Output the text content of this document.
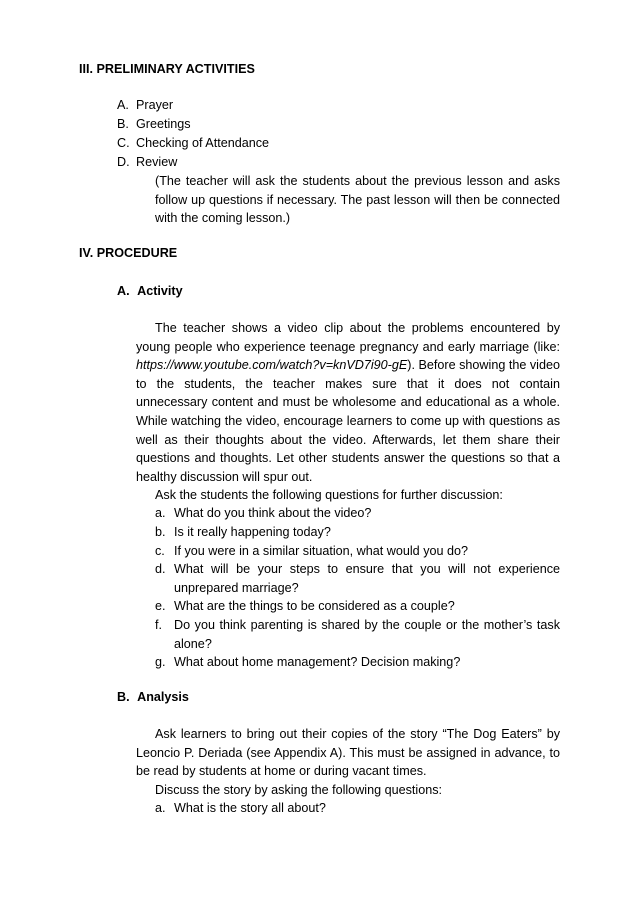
III. PRELIMINARY ACTIVITIES
A. Prayer
B. Greetings
C. Checking of Attendance
D. Review
(The teacher will ask the students about the previous lesson and asks follow up questions if necessary. The past lesson will then be connected with the coming lesson.)
IV. PROCEDURE
A. Activity
The teacher shows a video clip about the problems encountered by young people who experience teenage pregnancy and early marriage (like: https://www.youtube.com/watch?v=knVD7i90-gE). Before showing the video to the students, the teacher makes sure that it does not contain unnecessary content and must be wholesome and educational as a whole. While watching the video, encourage learners to come up with questions as well as their thoughts about the video. Afterwards, let them share their questions and thoughts. Let other students answer the questions so that a healthy discussion will spur out.
Ask the students the following questions for further discussion:
a. What do you think about the video?
b. Is it really happening today?
c. If you were in a similar situation, what would you do?
d. What will be your steps to ensure that you will not experience unprepared marriage?
e. What are the things to be considered as a couple?
f. Do you think parenting is shared by the couple or the mother’s task alone?
g. What about home management? Decision making?
B. Analysis
Ask learners to bring out their copies of the story “The Dog Eaters” by Leoncio P. Deriada (see Appendix A). This must be assigned in advance, to be read by students at home or during vacant times.
Discuss the story by asking the following questions:
a. What is the story all about?
